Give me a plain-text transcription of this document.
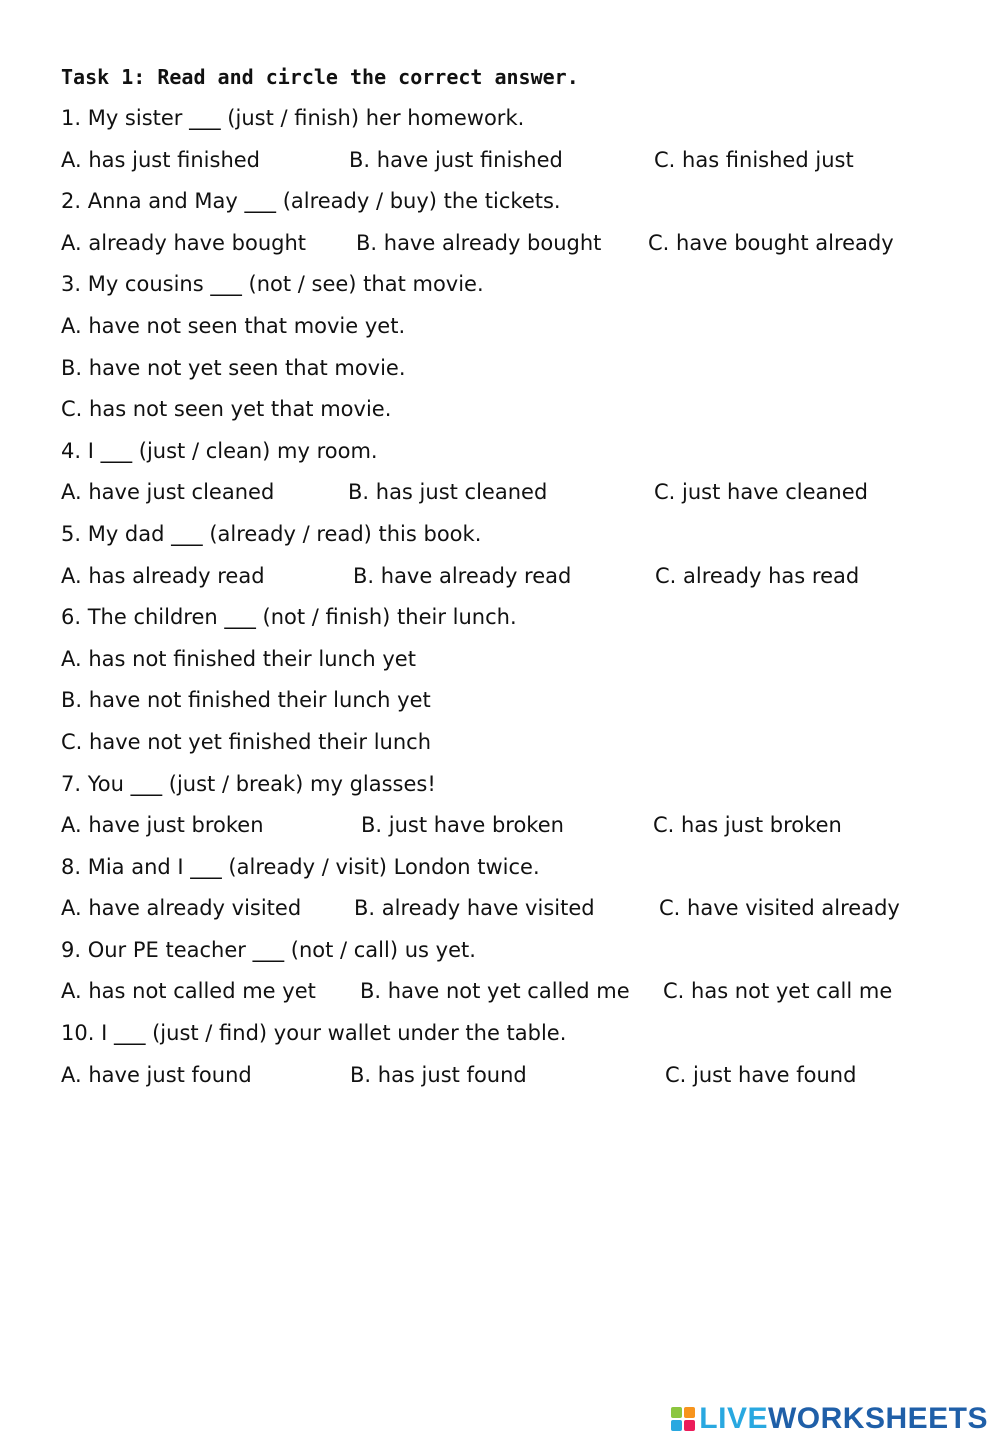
Task 1: Read and circle the correct answer.
1. My sister ___ (just / finish) her homework.
A. has just finished	B. have just finished	C. has finished just
2. Anna and May ___ (already / buy) the tickets.
A. already have bought B. have already bought C. have bought already
3. My cousins ___ (not / see) that movie.
A. have not seen that movie yet.
B. have not yet seen that movie.
C. has not seen yet that movie.
4. I ___ (just / clean) my room.
A. have just cleaned	B. has just cleaned	C. just have cleaned
5. My dad ___ (already / read) this book.
A. has already read	B. have already read	C. already has read
6. The children ___ (not / finish) their lunch.
A. has not finished their lunch yet
B. have not finished their lunch yet
C. have not yet finished their lunch
7. You ___ (just / break) my glasses!
A. have just broken	B. just have broken	C. has just broken
8. Mia and I ___ (already / visit) London twice.
A. have already visited	B. already have visited	C. have visited already
9. Our PE teacher ___ (not / call) us yet.
A. has not called me yet B. have not yet called me C. has not yet call me
10. I ___ (just / find) your wallet under the table.
A. have just found	B. has just found	C. just have found
LIVEWORKSHEETS
